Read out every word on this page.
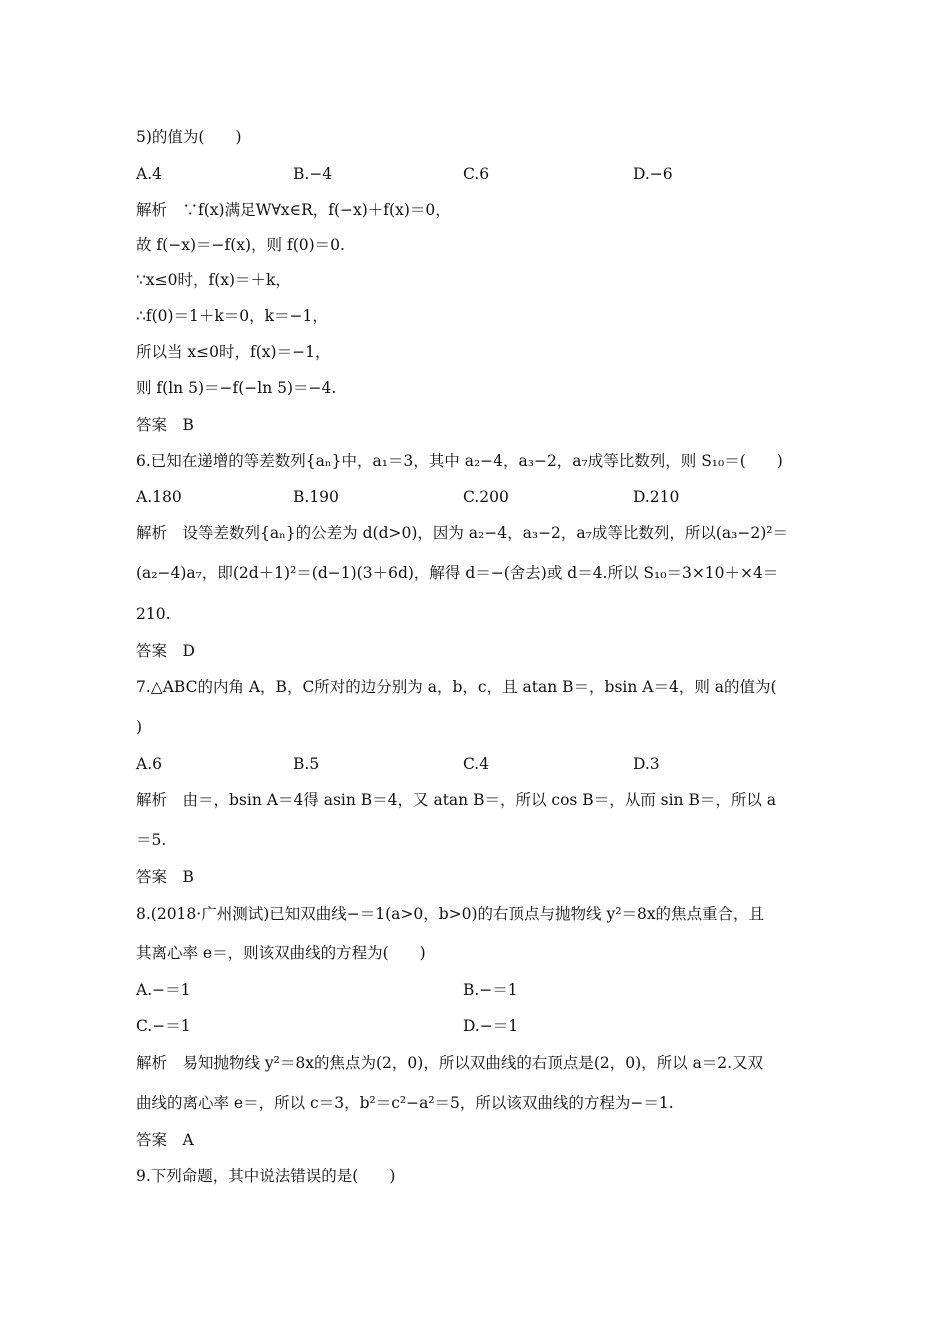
5)的值为(　　)
A.4	B.−4	C.6	D.−6
解析　∵f(x)满足W∀x∈R，f(−x)＋f(x)＝0，
故 f(−x)＝−f(x)，则 f(0)＝0.
∵x≤0时，f(x)＝＋k，
∴f(0)＝1＋k＝0，k＝−1，
所以当 x≤0时，f(x)＝−1，
则 f(ln 5)＝−f(−ln 5)＝−4.
答案　B
6.已知在递增的等差数列{aₙ}中，a₁＝3，其中 a₂−4，a₃−2，a₇成等比数列，则 S₁₀＝(　　)
A.180	B.190	C.200	D.210
解析　设等差数列{aₙ}的公差为 d(d>0)，因为 a₂−4，a₃−2，a₇成等比数列，所以(a₃−2)²＝
(a₂−4)a₇，即(2d＋1)²＝(d−1)(3＋6d)，解得 d＝−(舍去)或 d＝4.所以 S₁₀＝3×10＋×4＝
210.
答案　D
7.△ABC的内角 A，B，C所对的边分别为 a，b，c，且 atan B＝，bsin A＝4，则 a的值为(
)
A.6	B.5	C.4	D.3
解析　由＝，bsin A＝4得 asin B＝4，又 atan B＝，所以 cos B＝，从而 sin B＝，所以 a
＝5.
答案　B
8.(2018·广州测试)已知双曲线−＝1(a>0，b>0)的右顶点与抛物线 y²＝8x的焦点重合，且
其离心率 e＝，则该双曲线的方程为(　　)
A.−＝1	B.−＝1
C.−＝1	D.−＝1
解析　易知抛物线 y²＝8x的焦点为(2，0)，所以双曲线的右顶点是(2，0)，所以 a＝2.又双
曲线的离心率 e＝，所以 c＝3，b²＝c²−a²＝5，所以该双曲线的方程为−＝1.
答案　A
9.下列命题，其中说法错误的是(　　)
